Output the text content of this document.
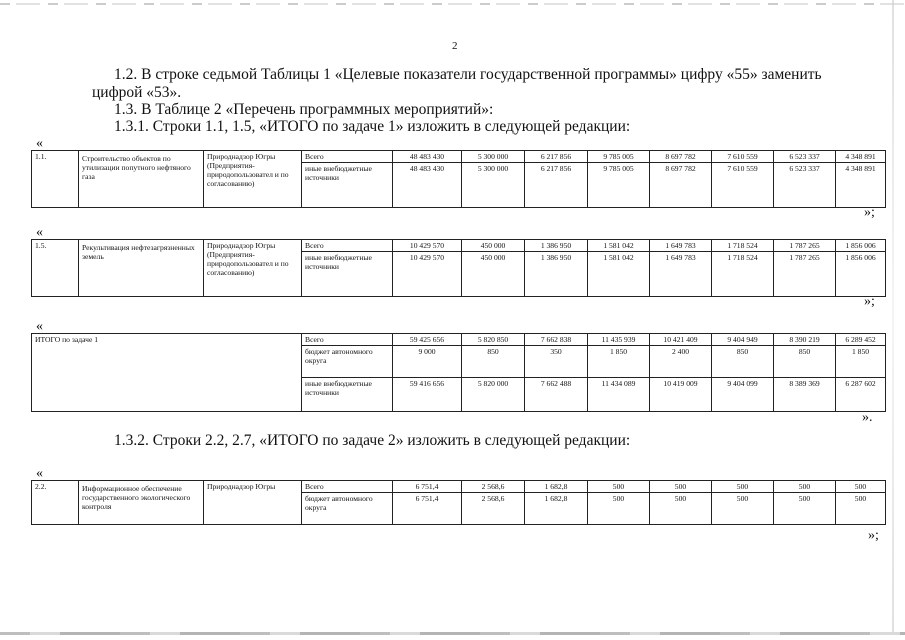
2
1.2. В строке седьмой Таблицы 1 «Целевые показатели государственной программы» цифру «55» заменить
цифрой «53».
1.3. В Таблице 2 «Перечень программных мероприятий»:
1.3.1. Строки 1.1, 1.5, «ИТОГО по задаче 1» изложить в следующей редакции:
«
1.1.	Строительство объектов по утилизации попутного нефтяного газа	Природнадзор Югры (Предприятия-природопользовател и по согласованию)	Всего	48 483 430	5 300 000	6 217 856	9 785 005	8 697 782	7 610 559	6 523 337	4 348 891
			иные внебюджетные источники	48 483 430	5 300 000	6 217 856	9 785 005	8 697 782	7 610 559	6 523 337	4 348 891
»;
«
1.5.	Рекультивация нефтезагрязненных земель	Природнадзор Югры (Предприятия-природопользовател и по согласованию)	Всего	10 429 570	450 000	1 386 950	1 581 042	1 649 783	1 718 524	1 787 265	1 856 006
			иные внебюджетные источники	10 429 570	450 000	1 386 950	1 581 042	1 649 783	1 718 524	1 787 265	1 856 006
»;
«
ИТОГО по задаче 1	Всего	59 425 656	5 820 850	7 662 838	11 435 939	10 421 409	9 404 949	8 390 219	6 289 452
	бюджет автономного округа	9 000	850	350	1 850	2 400	850	850	1 850
	иные внебюджетные источники	59 416 656	5 820 000	7 662 488	11 434 089	10 419 009	9 404 099	8 389 369	6 287 602
».
1.3.2. Строки 2.2, 2.7, «ИТОГО по задаче 2» изложить в следующей редакции:
«
2.2.	Информационное обеспечение государственного экологического контроля	Природнадзор Югры	Всего	6 751,4	2 568,6	1 682,8	500	500	500	500	500
			бюджет автономного округа	6 751,4	2 568,6	1 682,8	500	500	500	500	500
»;
